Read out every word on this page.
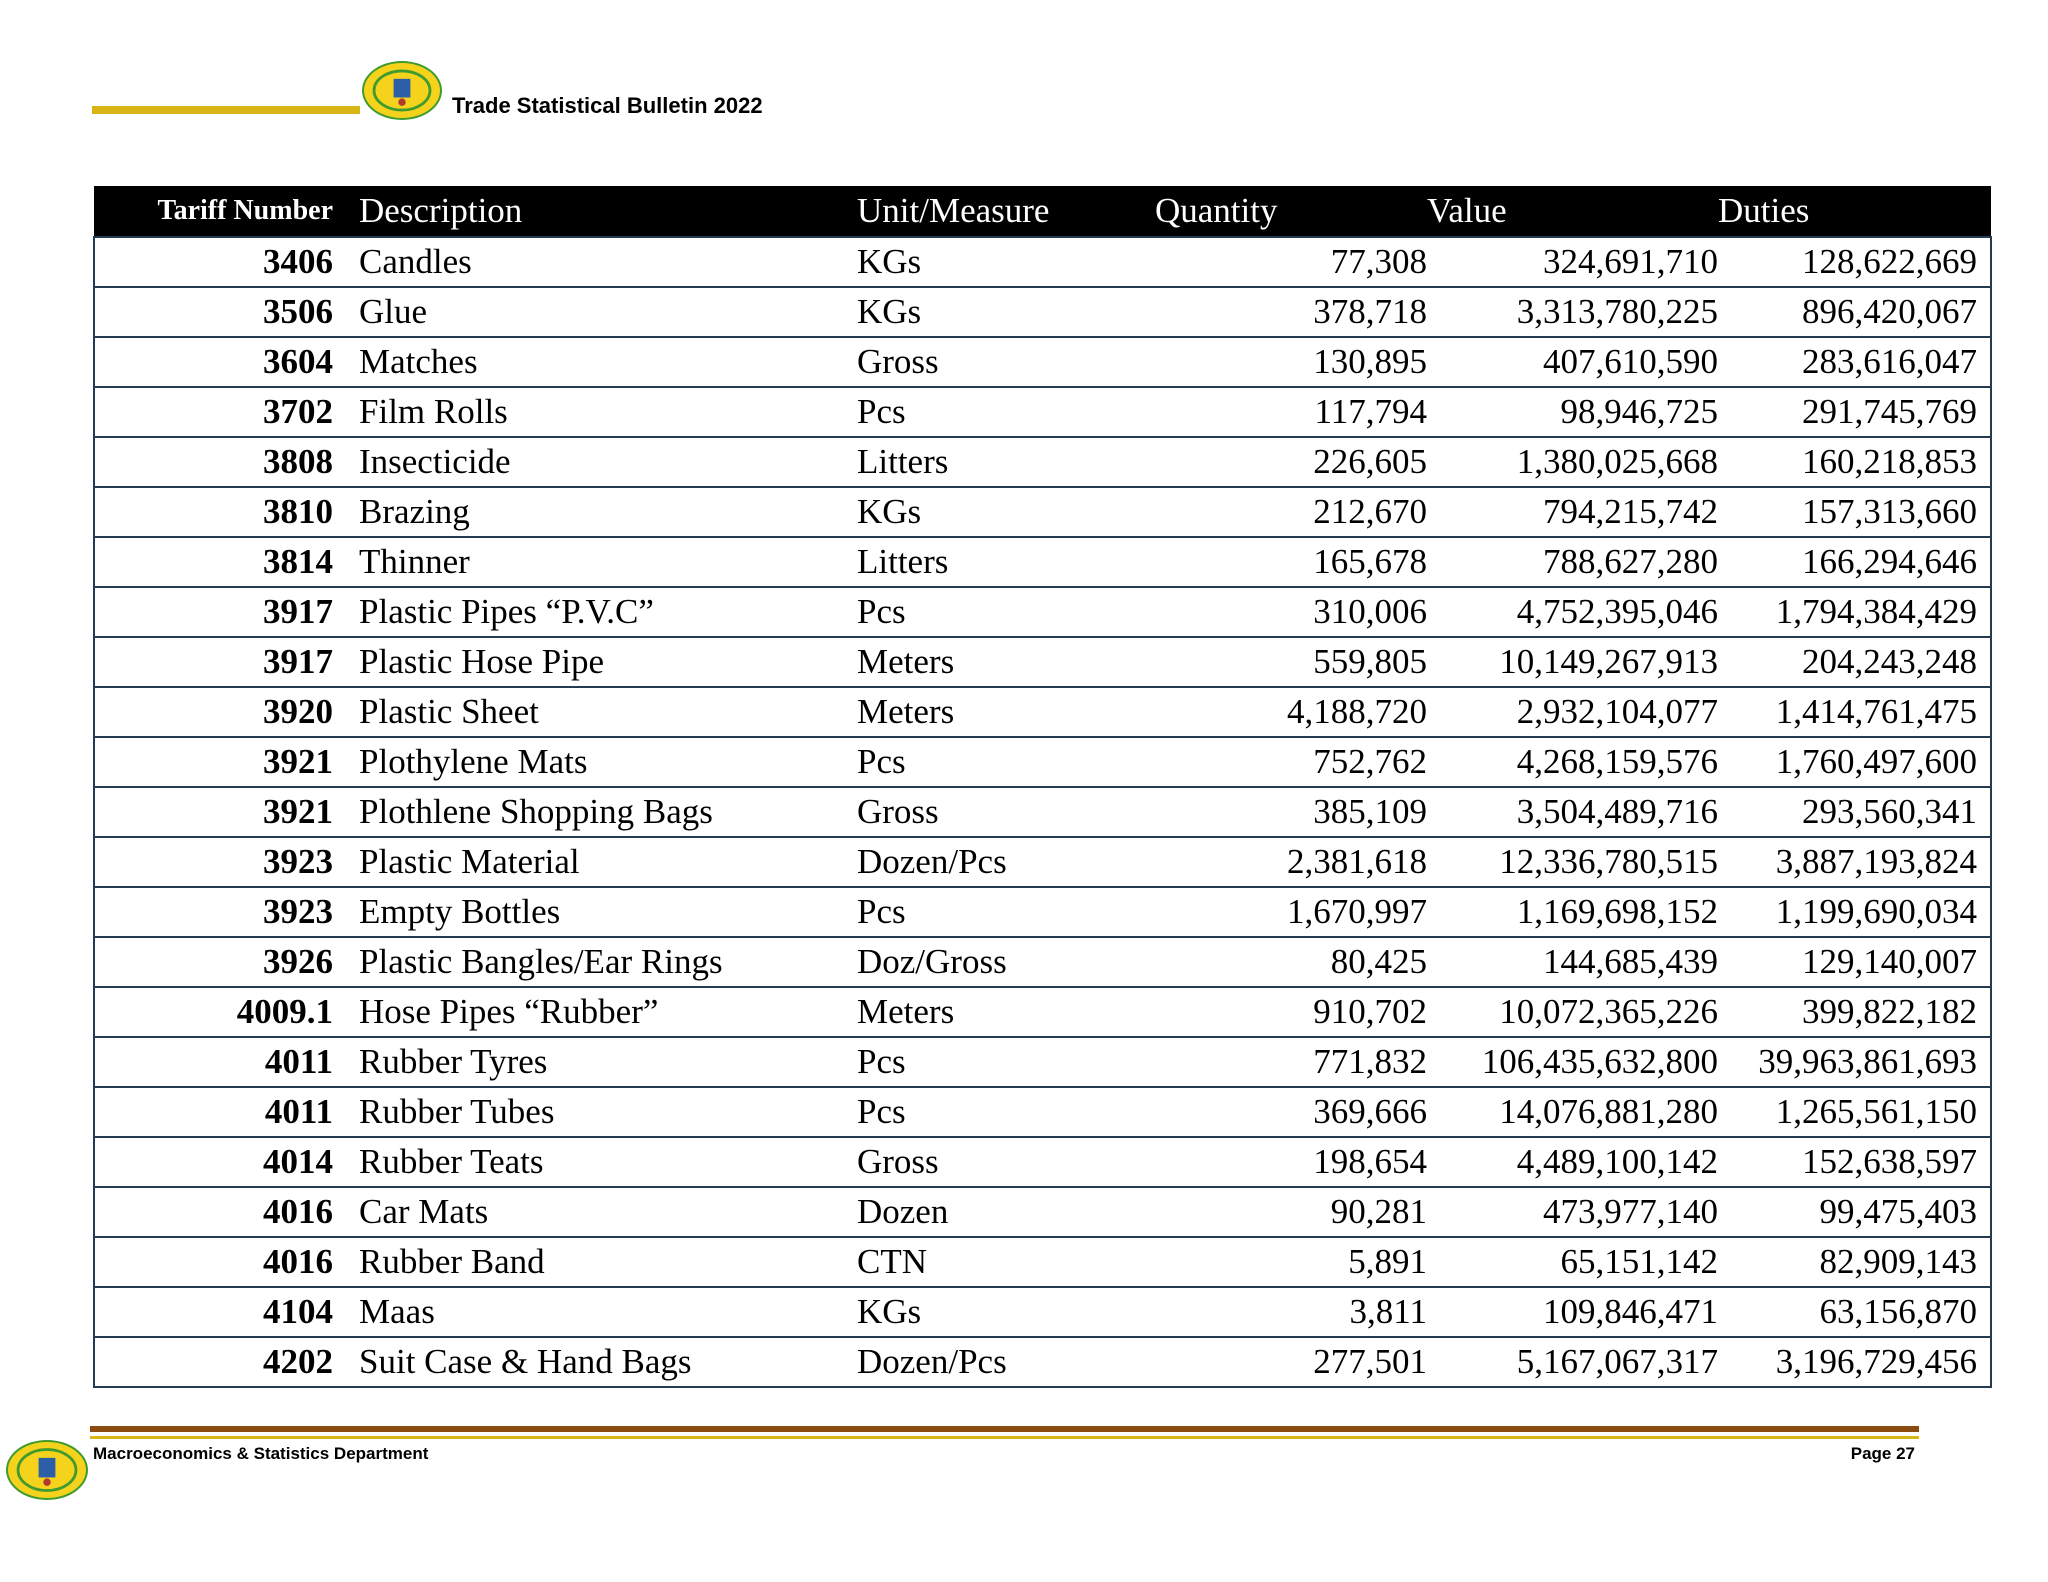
Trade Statistical Bulletin 2022
Tariff Number	Description	Unit/Measure	Quantity	Value	Duties
3406	Candles	KGs	77,308	324,691,710	128,622,669
3506	Glue	KGs	378,718	3,313,780,225	896,420,067
3604	Matches	Gross	130,895	407,610,590	283,616,047
3702	Film Rolls	Pcs	117,794	98,946,725	291,745,769
3808	Insecticide	Litters	226,605	1,380,025,668	160,218,853
3810	Brazing	KGs	212,670	794,215,742	157,313,660
3814	Thinner	Litters	165,678	788,627,280	166,294,646
3917	Plastic Pipes “P.V.C”	Pcs	310,006	4,752,395,046	1,794,384,429
3917	Plastic Hose Pipe	Meters	559,805	10,149,267,913	204,243,248
3920	Plastic Sheet	Meters	4,188,720	2,932,104,077	1,414,761,475
3921	Plothylene Mats	Pcs	752,762	4,268,159,576	1,760,497,600
3921	Plothlene Shopping Bags	Gross	385,109	3,504,489,716	293,560,341
3923	Plastic Material	Dozen/Pcs	2,381,618	12,336,780,515	3,887,193,824
3923	Empty Bottles	Pcs	1,670,997	1,169,698,152	1,199,690,034
3926	Plastic Bangles/Ear Rings	Doz/Gross	80,425	144,685,439	129,140,007
4009.1	Hose Pipes “Rubber”	Meters	910,702	10,072,365,226	399,822,182
4011	Rubber Tyres	Pcs	771,832	106,435,632,800	39,963,861,693
4011	Rubber Tubes	Pcs	369,666	14,076,881,280	1,265,561,150
4014	Rubber Teats	Gross	198,654	4,489,100,142	152,638,597
4016	Car Mats	Dozen	90,281	473,977,140	99,475,403
4016	Rubber Band	CTN	5,891	65,151,142	82,909,143
4104	Maas	KGs	3,811	109,846,471	63,156,870
4202	Suit Case & Hand Bags	Dozen/Pcs	277,501	5,167,067,317	3,196,729,456
Macroeconomics & Statistics Department	Page 27
